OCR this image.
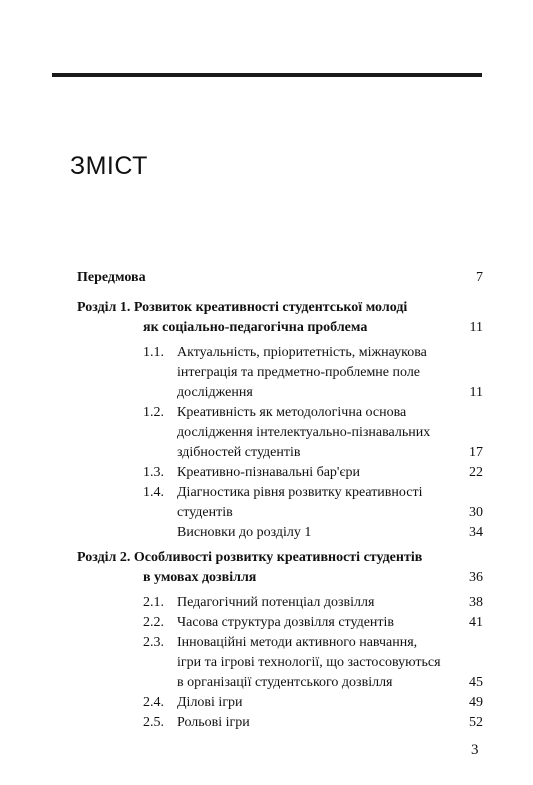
ЗМІСТ
Передмова	7
Розділ 1.
Розвиток креативності студентської молоді
як соціально-педагогічна проблема	11
1.1. Актуальність, пріоритетність, міжнаукова
інтеграція та предметно-проблемне поле
дослідження	11
1.2. Креативність як методологічна основа
дослідження інтелектуально-пізнавальних
здібностей студентів	17
1.3. Креативно-пізнавальні бар'єри	22
1.4. Діагностика рівня розвитку креативності
студентів	30
Висновки до розділу 1	34
Розділ 2.
Особливості розвитку креативності студентів
в умовах дозвілля	36
2.1. Педагогічний потенціал дозвілля	38
2.2. Часова структура дозвілля студентів	41
2.3. Інноваційні методи активного навчання,
ігри та ігрові технології, що застосовуються
в організації студентського дозвілля	45
2.4. Ділові ігри	49
2.5. Рольові ігри	52
3
